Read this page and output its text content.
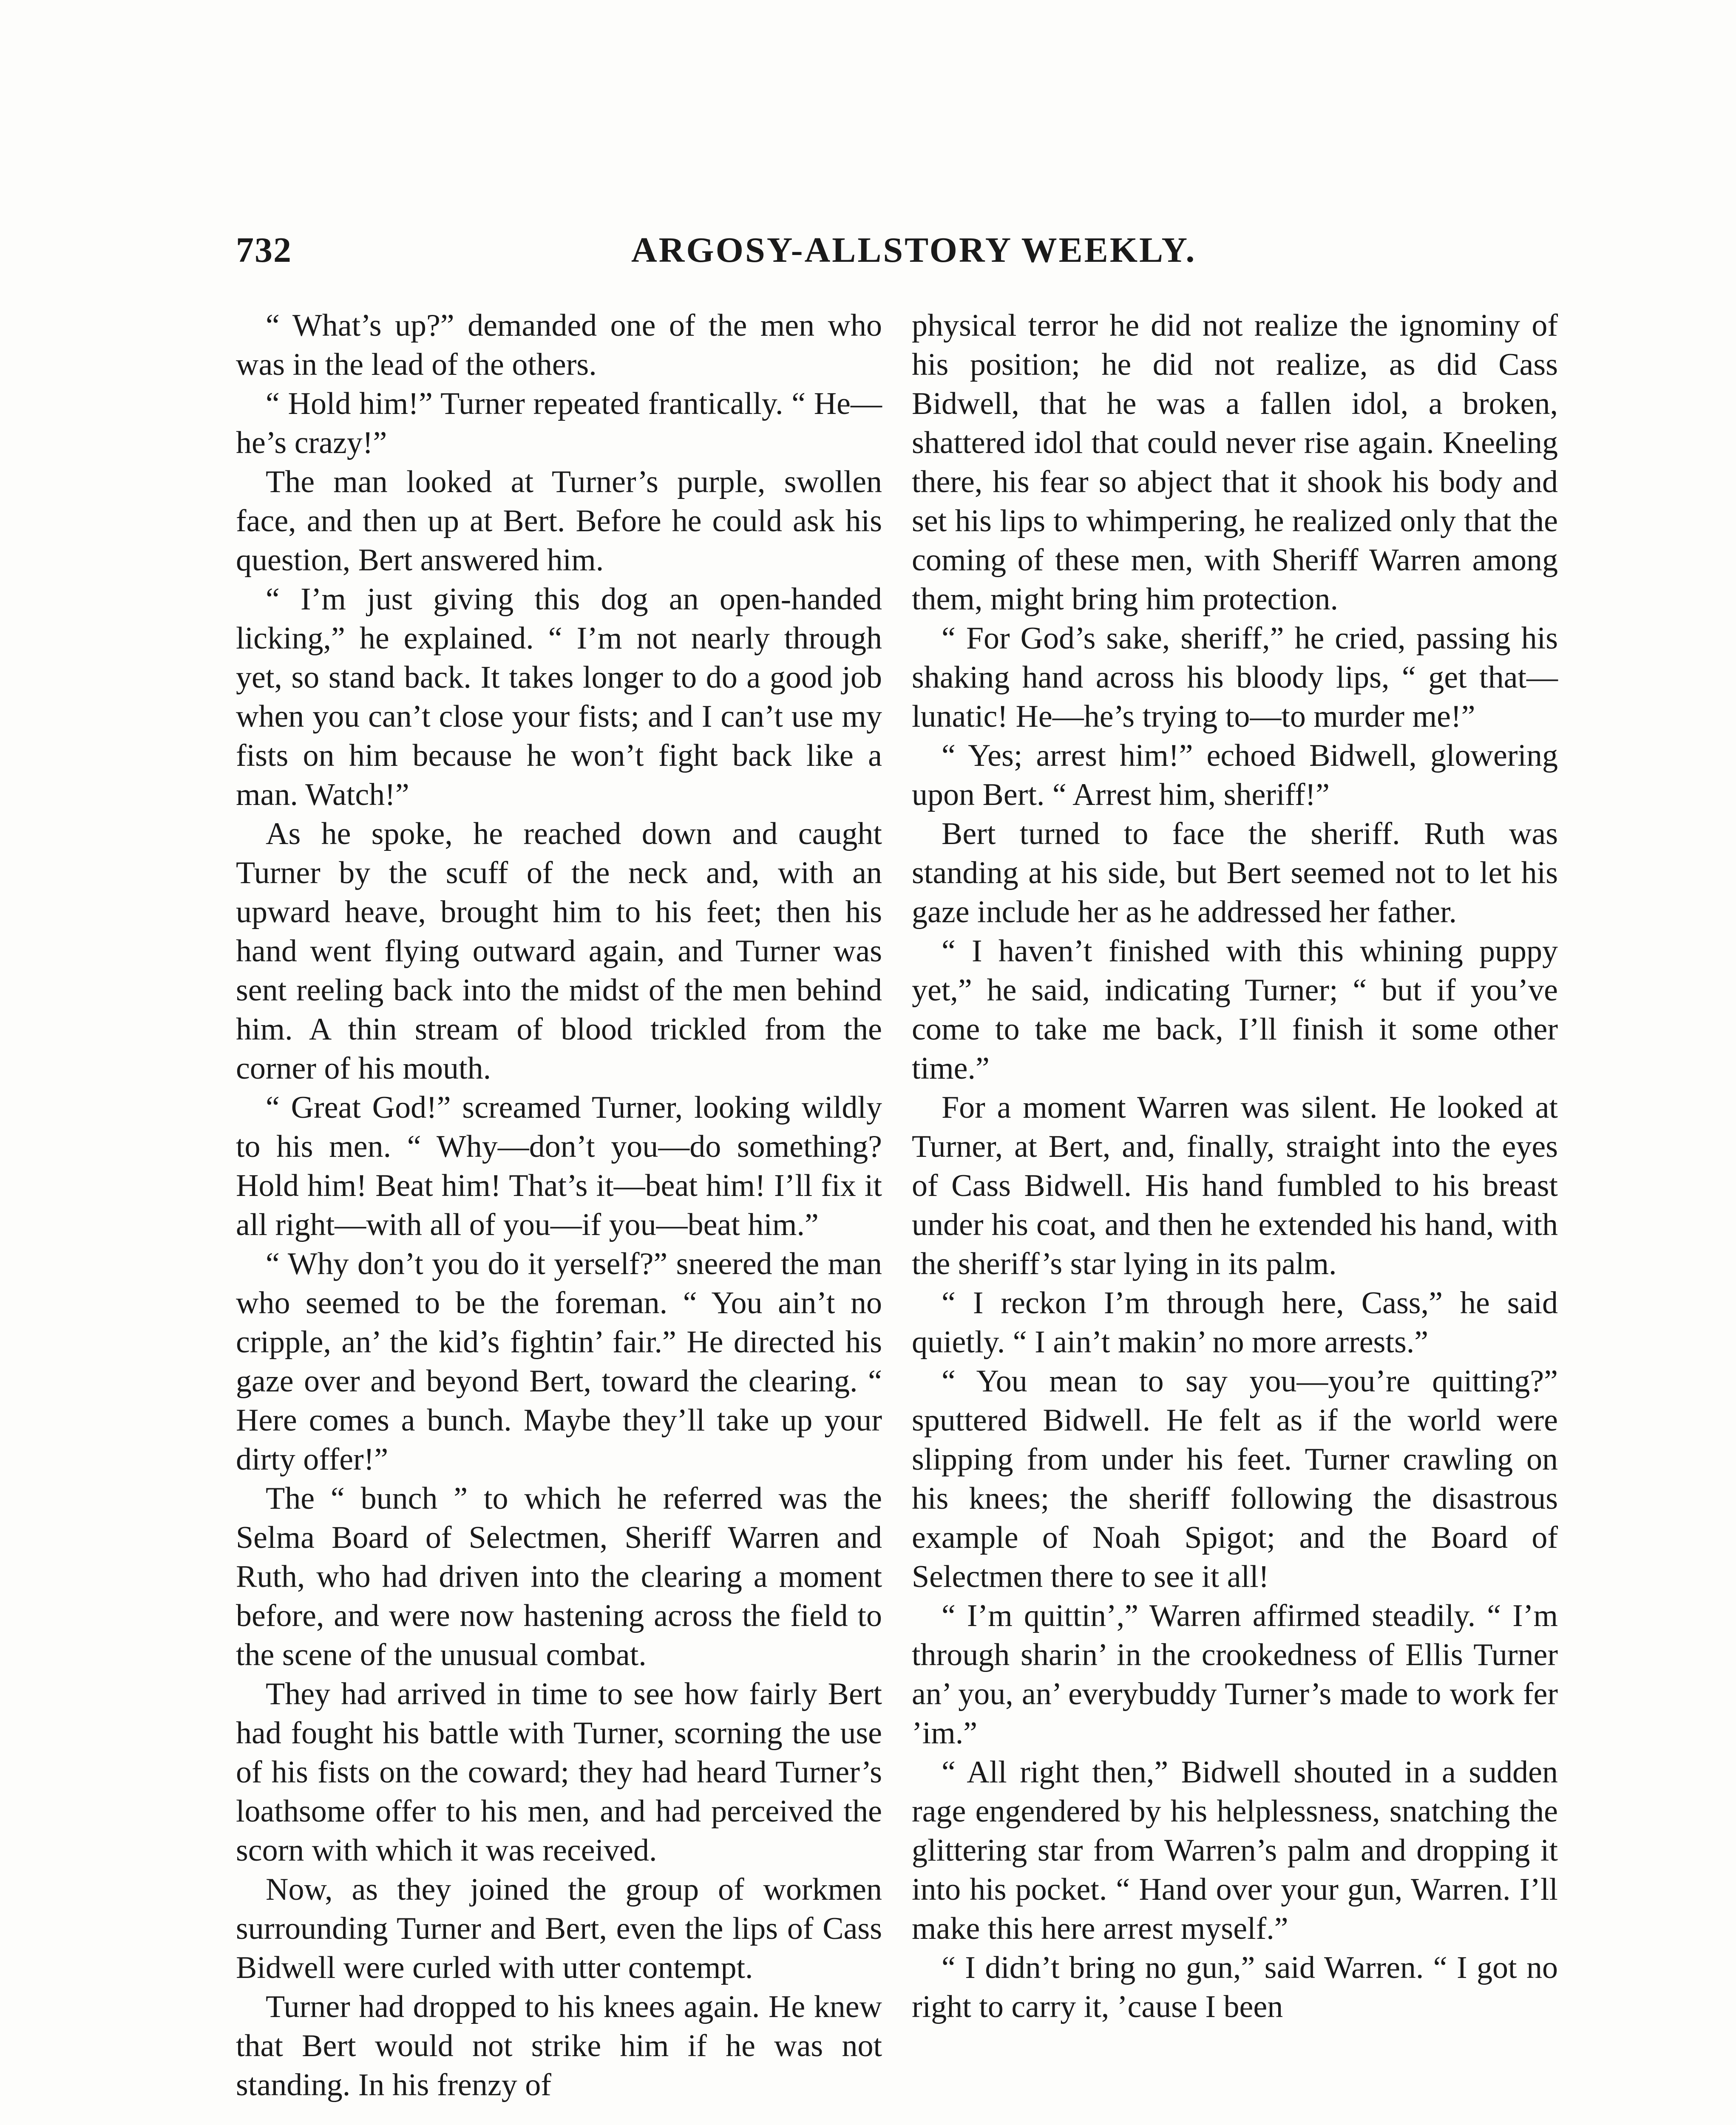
732	ARGOSY-ALLSTORY WEEKLY.

“ What’s up?” demanded one of the men who was in the lead of the others.

“ Hold him!” Turner repeated frantically. “ He—he’s crazy!”

The man looked at Turner’s purple, swollen face, and then up at Bert. Before he could ask his question, Bert answered him.

“ I’m just giving this dog an open-handed licking,” he explained. “ I’m not nearly through yet, so stand back. It takes longer to do a good job when you can’t close your fists; and I can’t use my fists on him because he won’t fight back like a man. Watch!”

As he spoke, he reached down and caught Turner by the scuff of the neck and, with an upward heave, brought him to his feet; then his hand went flying outward again, and Turner was sent reeling back into the midst of the men behind him. A thin stream of blood trickled from the corner of his mouth.

“ Great God!” screamed Turner, looking wildly to his men. “ Why—don’t you—do something? Hold him! Beat him! That’s it—beat him! I’ll fix it all right—with all of you—if you—beat him.”

“ Why don’t you do it yerself?” sneered the man who seemed to be the foreman. “ You ain’t no cripple, an’ the kid’s fightin’ fair.” He directed his gaze over and beyond Bert, toward the clearing. “ Here comes a bunch. Maybe they’ll take up your dirty offer!”

The “ bunch ” to which he referred was the Selma Board of Selectmen, Sheriff Warren and Ruth, who had driven into the clearing a moment before, and were now hastening across the field to the scene of the unusual combat.

They had arrived in time to see how fairly Bert had fought his battle with Turner, scorning the use of his fists on the coward; they had heard Turner’s loathsome offer to his men, and had perceived the scorn with which it was received.

Now, as they joined the group of workmen surrounding Turner and Bert, even the lips of Cass Bidwell were curled with utter contempt.

Turner had dropped to his knees again. He knew that Bert would not strike him if he was not standing. In his frenzy of

physical terror he did not realize the ignominy of his position; he did not realize, as did Cass Bidwell, that he was a fallen idol, a broken, shattered idol that could never rise again. Kneeling there, his fear so abject that it shook his body and set his lips to whimpering, he realized only that the coming of these men, with Sheriff Warren among them, might bring him protection.

“ For God’s sake, sheriff,” he cried, passing his shaking hand across his bloody lips, “ get that—lunatic! He—he’s trying to—to murder me!”

“ Yes; arrest him!” echoed Bidwell, glowering upon Bert. “ Arrest him, sheriff!”

Bert turned to face the sheriff. Ruth was standing at his side, but Bert seemed not to let his gaze include her as he addressed her father.

“ I haven’t finished with this whining puppy yet,” he said, indicating Turner; “ but if you’ve come to take me back, I’ll finish it some other time.”

For a moment Warren was silent. He looked at Turner, at Bert, and, finally, straight into the eyes of Cass Bidwell. His hand fumbled to his breast under his coat, and then he extended his hand, with the sheriff’s star lying in its palm.

“ I reckon I’m through here, Cass,” he said quietly. “ I ain’t makin’ no more arrests.”

“ You mean to say you—you’re quitting?” sputtered Bidwell. He felt as if the world were slipping from under his feet. Turner crawling on his knees; the sheriff following the disastrous example of Noah Spigot; and the Board of Selectmen there to see it all!

“ I’m quittin’,” Warren affirmed steadily. “ I’m through sharin’ in the crookedness of Ellis Turner an’ you, an’ everybuddy Turner’s made to work fer ’im.”

“ All right then,” Bidwell shouted in a sudden rage engendered by his helplessness, snatching the glittering star from Warren’s palm and dropping it into his pocket. “ Hand over your gun, Warren. I’ll make this here arrest myself.”

“ I didn’t bring no gun,” said Warren. “ I got no right to carry it, ’cause I been
